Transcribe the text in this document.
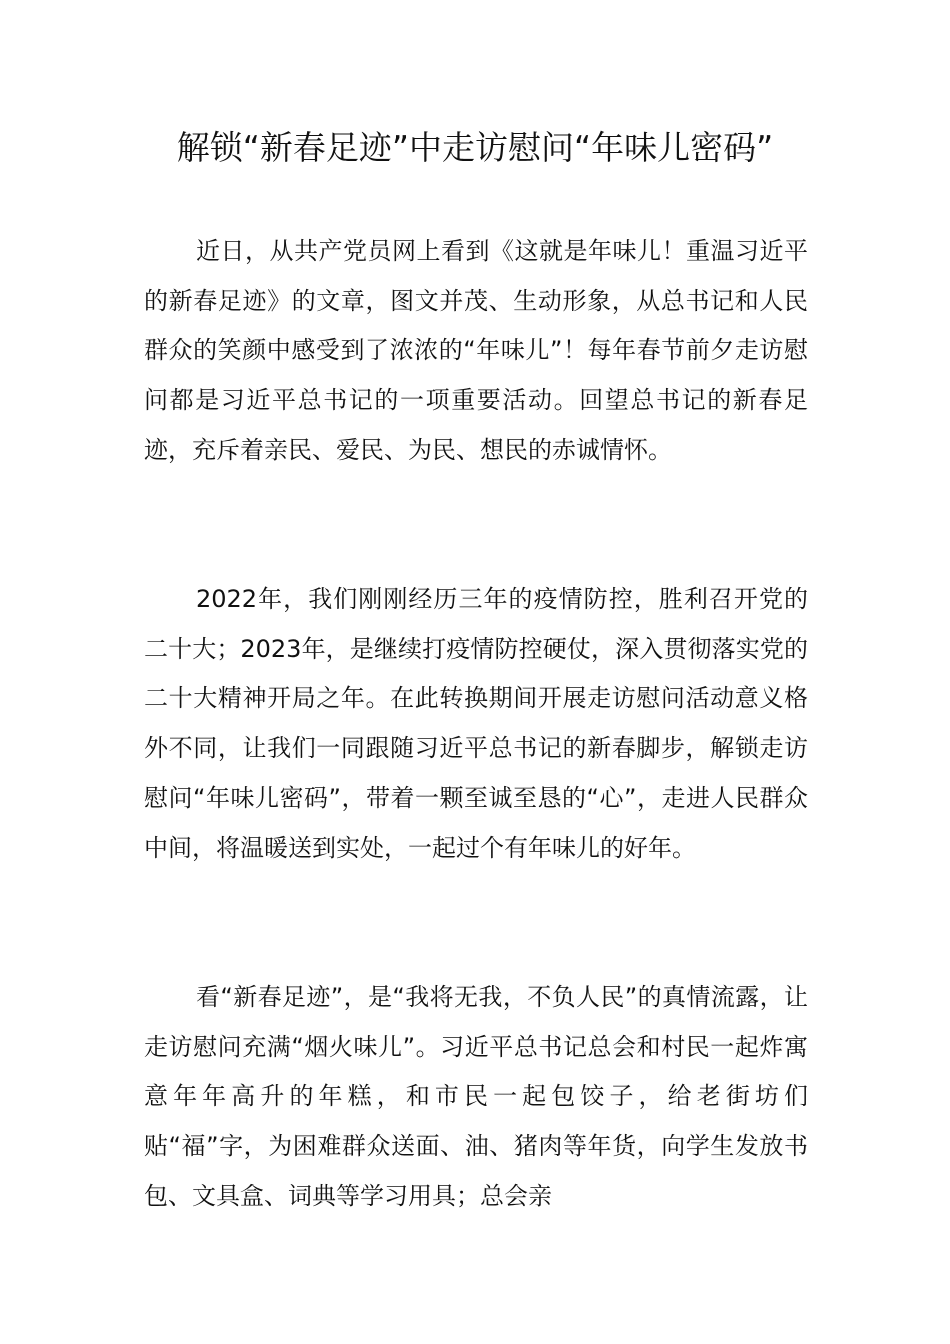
解锁“新春足迹”中走访慰问“年味儿密码”

近日，从共产党员网上看到《这就是年味儿！重温习近平的新春足迹》的文章，图文并茂、生动形象，从总书记和人民群众的笑颜中感受到了浓浓的“年味儿”！每年春节前夕走访慰问都是习近平总书记的一项重要活动。回望总书记的新春足迹，充斥着亲民、爱民、为民、想民的赤诚情怀。

2022年，我们刚刚经历三年的疫情防控，胜利召开党的二十大；2023年，是继续打疫情防控硬仗，深入贯彻落实党的二十大精神开局之年。在此转换期间开展走访慰问活动意义格外不同，让我们一同跟随习近平总书记的新春脚步，解锁走访慰问“年味儿密码”，带着一颗至诚至恳的“心”，走进人民群众中间，将温暖送到实处，一起过个有年味儿的好年。

看“新春足迹”，是“我将无我，不负人民”的真情流露，让走访慰问充满“烟火味儿”。习近平总书记总会和村民一起炸寓意年年高升的年糕，和市民一起包饺子，给老街坊们贴“福”字，为困难群众送面、油、猪肉等年货，向学生发放书包、文具盒、词典等学习用具；总会亲
